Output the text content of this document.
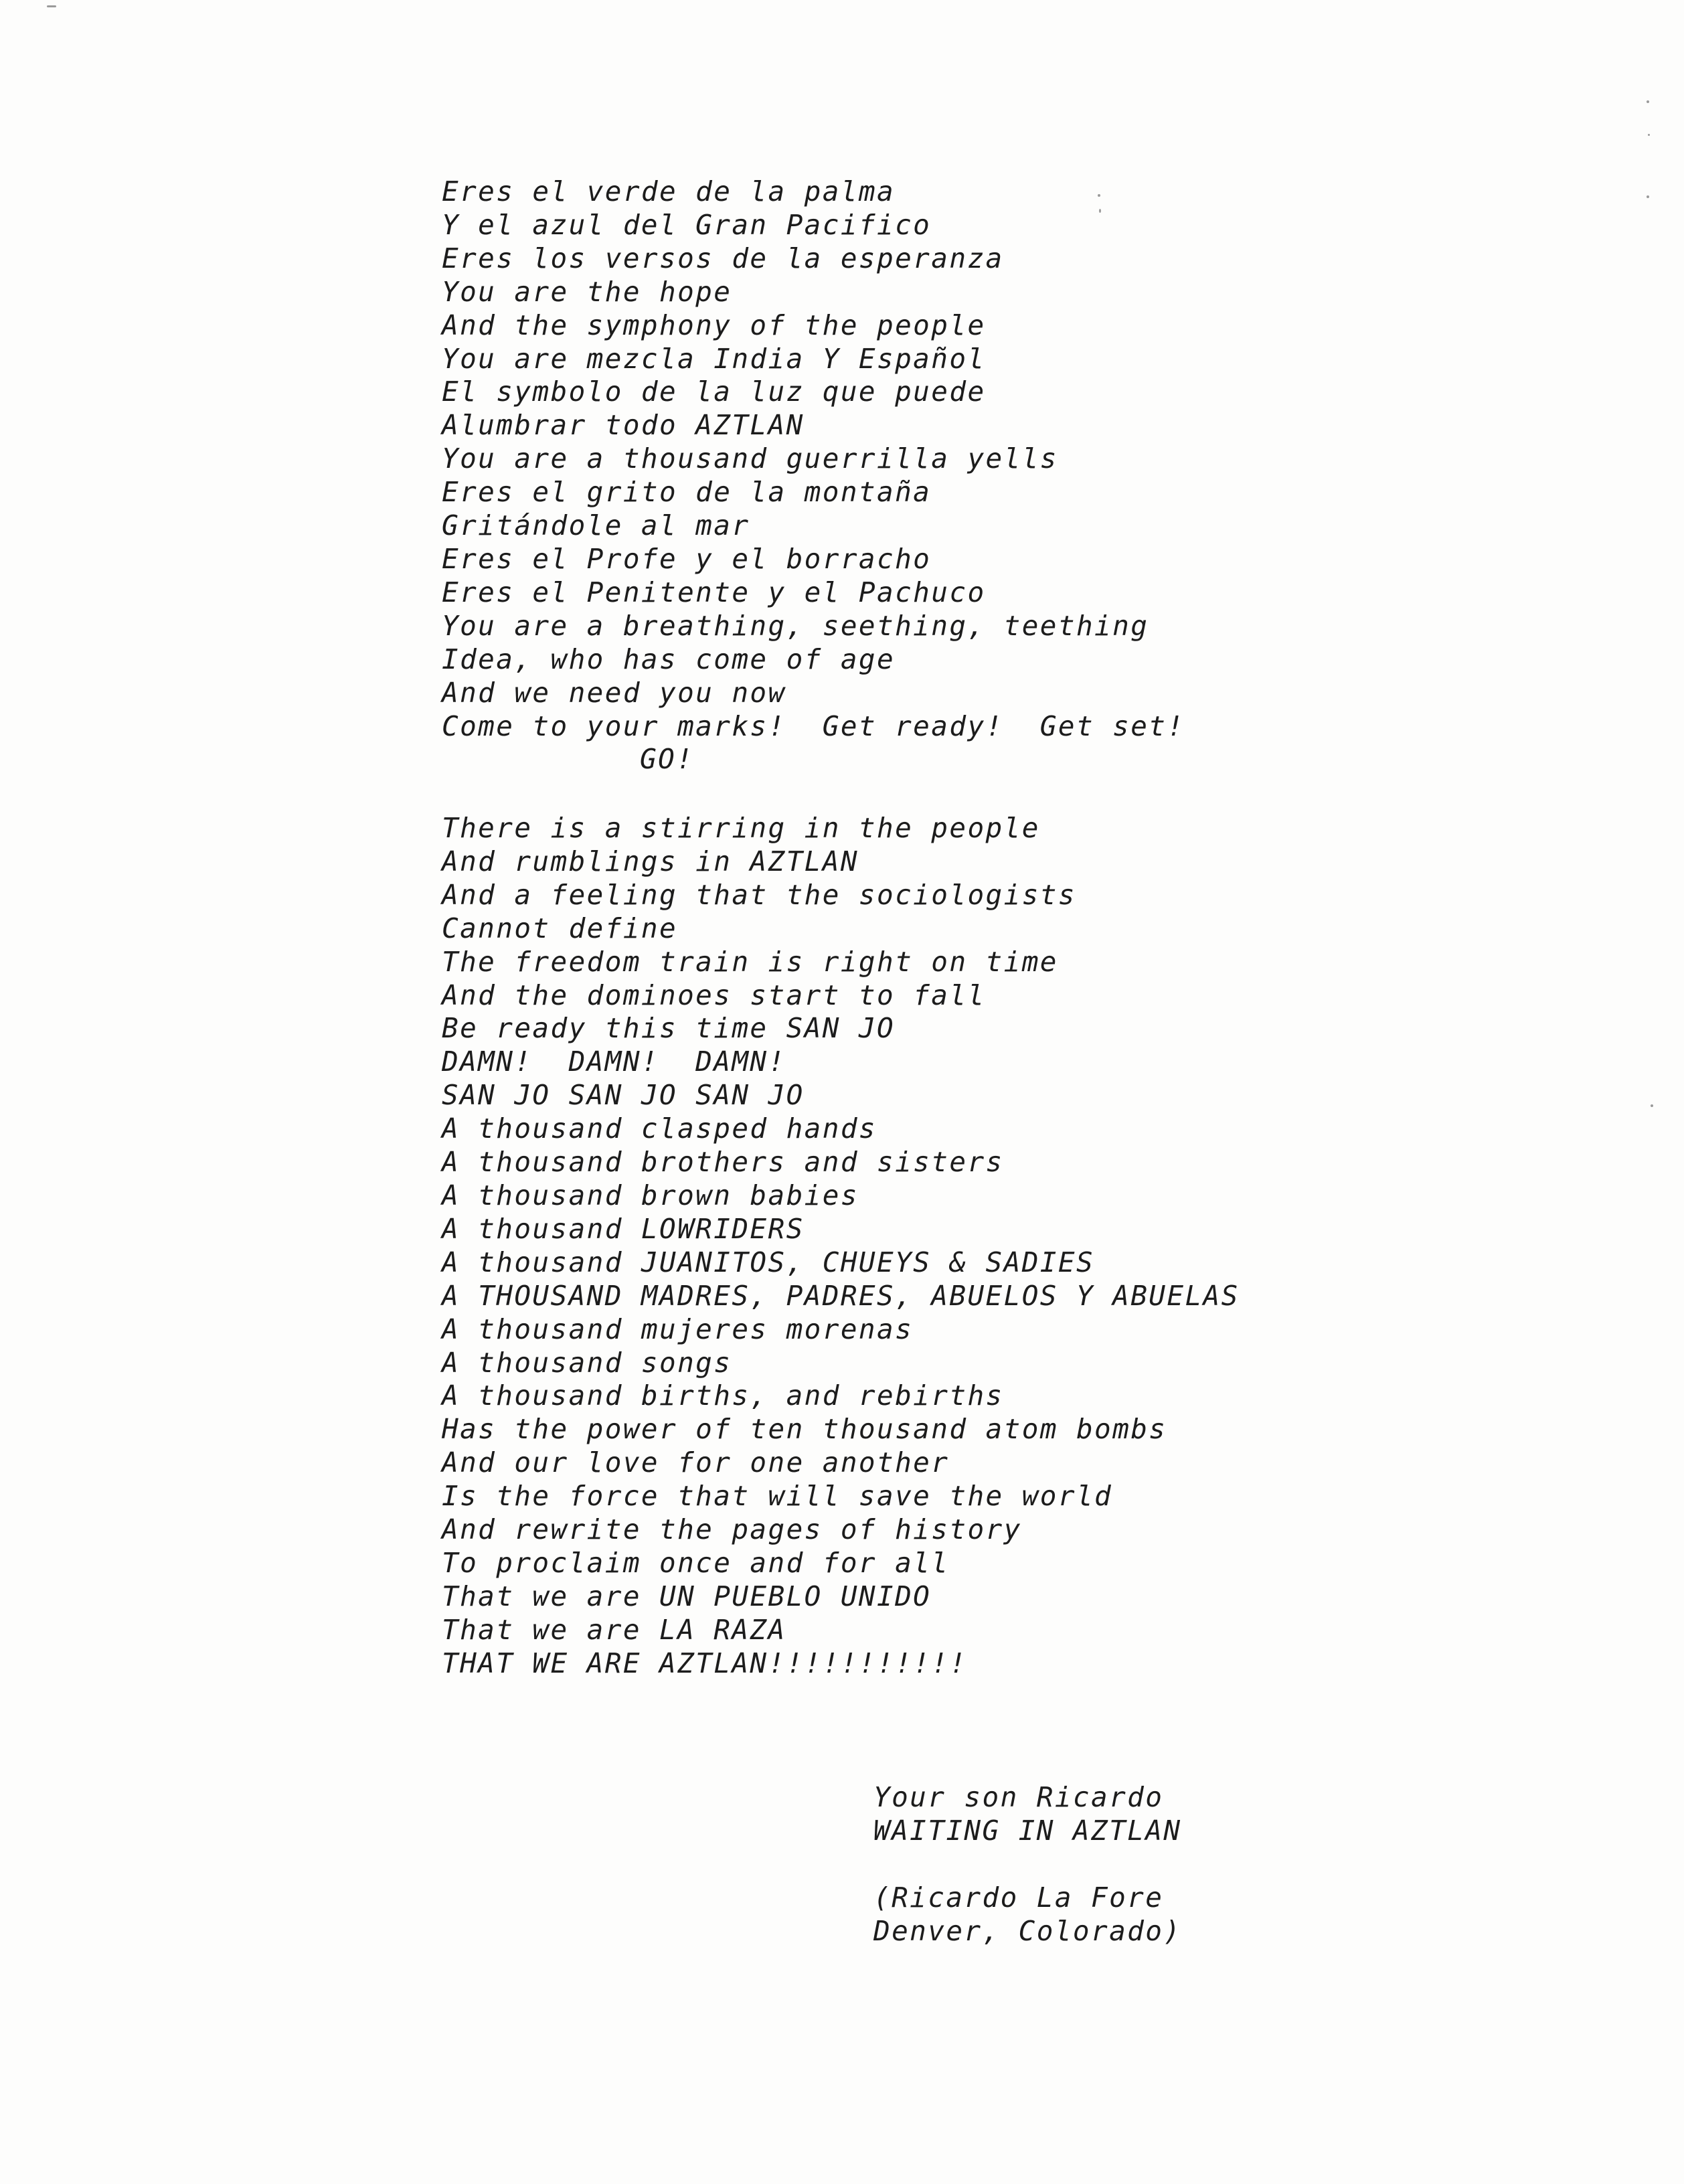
Eres el verde de la palma
Y el azul del Gran Pacifico
Eres los versos de la esperanza
You are the hope
And the symphony of the people
You are mezcla India Y Español
El symbolo de la luz que puede
Alumbrar todo AZTLAN
You are a thousand guerrilla yells
Eres el grito de la montaña
Gritándole al mar
Eres el Profe y el borracho
Eres el Penitente y el Pachuco
You are a breathing, seething, teething
Idea, who has come of age
And we need you now
Come to your marks!  Get ready!  Get set!
GO!
There is a stirring in the people
And rumblings in AZTLAN
And a feeling that the sociologists
Cannot define
The freedom train is right on time
And the dominoes start to fall
Be ready this time SAN JO
DAMN!  DAMN!  DAMN!
SAN JO SAN JO SAN JO
A thousand clasped hands
A thousand brothers and sisters
A thousand brown babies
A thousand LOWRIDERS
A thousand JUANITOS, CHUEYS & SADIES
A THOUSAND MADRES, PADRES, ABUELOS Y ABUELAS
A thousand mujeres morenas
A thousand songs
A thousand births, and rebirths
Has the power of ten thousand atom bombs
And our love for one another
Is the force that will save the world
And rewrite the pages of history
To proclaim once and for all
That we are UN PUEBLO UNIDO
That we are LA RAZA
THAT WE ARE AZTLAN!!!!!!!!!!!
Your son Ricardo
WAITING IN AZTLAN
(Ricardo La Fore
Denver, Colorado)
